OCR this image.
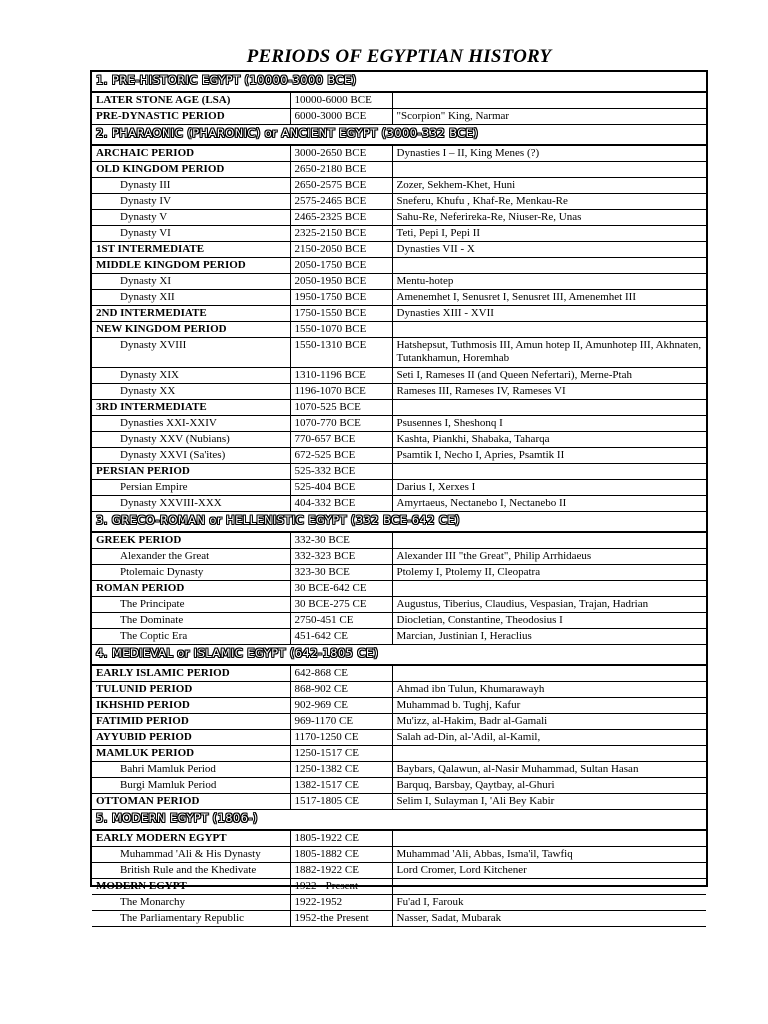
PERIODS OF EGYPTIAN HISTORY
1. PRE-HISTORIC EGYPT (10000-3000 BCE)		
LATER STONE AGE (LSA)	10000-6000 BCE	
PRE-DYNASTIC PERIOD	6000-3000 BCE	"Scorpion" King, Narmar
2. PHARAONIC (PHARONIC) or ANCIENT EGYPT (3000-332 BCE)		
ARCHAIC PERIOD	3000-2650 BCE	Dynasties I – II, King Menes (?)
OLD KINGDOM PERIOD	2650-2180 BCE	
Dynasty III	2650-2575 BCE	Zozer, Sekhem-Khet, Huni
Dynasty IV	2575-2465 BCE	Sneferu, Khufu , Khaf-Re, Menkau-Re
Dynasty V	2465-2325 BCE	Sahu-Re, Neferireka-Re, Niuser-Re, Unas
Dynasty VI	2325-2150 BCE	Teti, Pepi I, Pepi II
1ST INTERMEDIATE	2150-2050 BCE	Dynasties VII - X
MIDDLE KINGDOM PERIOD	2050-1750 BCE	
Dynasty XI	2050-1950 BCE	Mentu-hotep
Dynasty XII	1950-1750 BCE	Amenemhet I, Senusret I, Senusret III, Amenemhet III
2ND INTERMEDIATE	1750-1550 BCE	Dynasties XIII - XVII
NEW KINGDOM PERIOD	1550-1070 BCE	
Dynasty XVIII	1550-1310 BCE	Hatshepsut, Tuthmosis III, Amun hotep II, Amunhotep III, Akhnaten, Tutankhamun, Horemhab
Dynasty XIX	1310-1196 BCE	Seti I, Rameses II (and Queen Nefertari), Merne-Ptah
Dynasty XX	1196-1070 BCE	Rameses III, Rameses IV, Rameses VI
3RD INTERMEDIATE	1070-525 BCE	
Dynasties XXI-XXIV	1070-770 BCE	Psusennes I, Sheshonq I
Dynasty XXV (Nubians)	770-657 BCE	Kashta, Piankhi, Shabaka, Taharqa
Dynasty XXVI (Sa'ites)	672-525 BCE	Psamtik I, Necho I, Apries, Psamtik II
PERSIAN PERIOD	525-332 BCE	
Persian Empire	525-404 BCE	Darius I, Xerxes I
Dynasty XXVIII-XXX	404-332 BCE	Amyrtaeus, Nectanebo I, Nectanebo II
3. GRECO-ROMAN or HELLENISTIC EGYPT (332 BCE-642 CE)		
GREEK PERIOD	332-30 BCE	
Alexander the Great	332-323 BCE	Alexander III "the Great", Philip Arrhidaeus
Ptolemaic Dynasty	323-30 BCE	Ptolemy I, Ptolemy II, Cleopatra
ROMAN PERIOD	30 BCE-642 CE	
The Principate	30 BCE-275 CE	Augustus, Tiberius, Claudius, Vespasian, Trajan, Hadrian
The Dominate	2750-451 CE	Diocletian, Constantine, Theodosius I
The Coptic Era	451-642 CE	Marcian, Justinian I, Heraclius
4. MEDIEVAL or ISLAMIC EGYPT (642-1805 CE)		
EARLY ISLAMIC PERIOD	642-868 CE	
TULUNID PERIOD	868-902 CE	Ahmad ibn Tulun, Khumarawayh
IKHSHID PERIOD	902-969 CE	Muhammad b. Tughj, Kafur
FATIMID PERIOD	969-1170 CE	Mu'izz, al-Hakim, Badr al-Gamali
AYYUBID PERIOD	1170-1250 CE	Salah ad-Din, al-'Adil, al-Kamil,
MAMLUK PERIOD	1250-1517 CE	
Bahri Mamluk Period	1250-1382 CE	Baybars, Qalawun, al-Nasir Muhammad, Sultan Hasan
Burgi Mamluk Period	1382-1517 CE	Barquq, Barsbay, Qaytbay, al-Ghuri
OTTOMAN PERIOD	1517-1805 CE	Selim I, Sulayman I, 'Ali Bey Kabir
5. MODERN EGYPT (1806-)		
EARLY MODERN EGYPT	1805-1922 CE	
Muhammad 'Ali & His Dynasty	1805-1882 CE	Muhammad 'Ali, Abbas, Isma'il, Tawfiq
British Rule and the Khedivate	1882-1922 CE	Lord Cromer, Lord Kitchener
MODERN EGYPT	1922 - Present	
The Monarchy	1922-1952	Fu'ad I, Farouk
The Parliamentary Republic	1952-the Present	Nasser, Sadat, Mubarak
